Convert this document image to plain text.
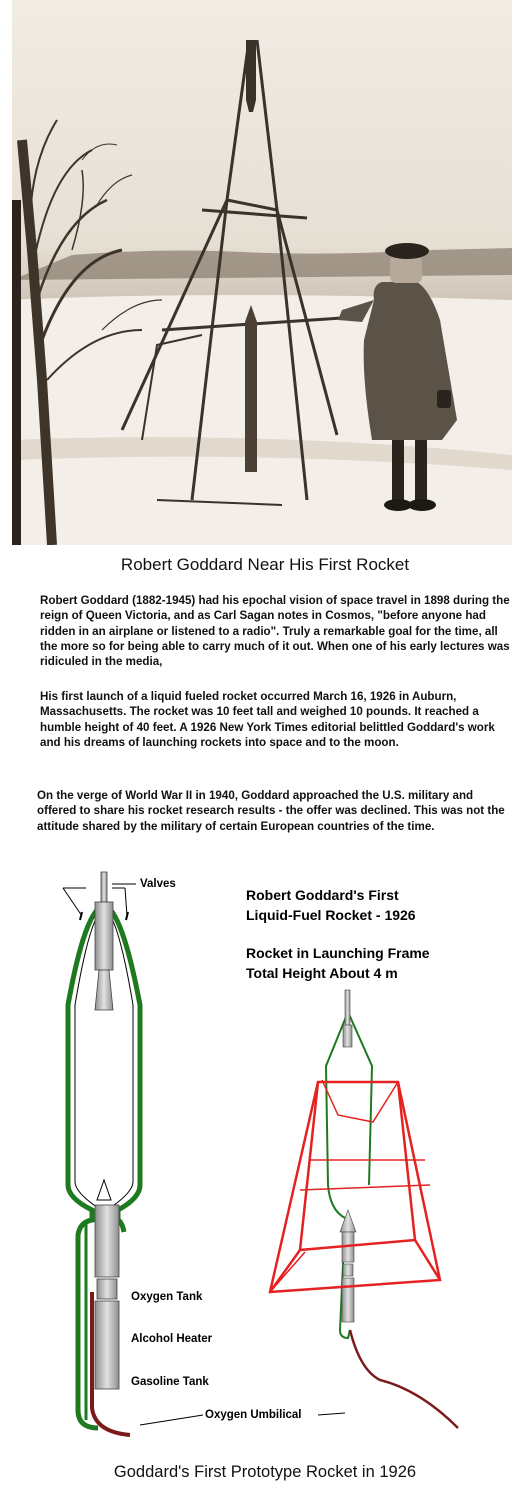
Robert Goddard Near His First Rocket
Robert Goddard (1882-1945) had his epochal vision of space travel in 1898 during the reign of Queen Victoria, and as Carl Sagan notes in Cosmos, "before anyone had ridden in an airplane or listened to a radio". Truly a remarkable goal for the time, all the more so for being able to carry much of it out. When one of his early lectures was ridiculed in the media,
His first launch of a liquid fueled rocket occurred March 16, 1926 in Auburn, Massachusetts. The rocket was 10 feet tall and weighed 10 pounds. It reached a humble height of 40 feet. A 1926 New York Times editorial belittled Goddard's work and his dreams of launching rockets into space and to the moon.
On the verge of World War II in 1940, Goddard approached the U.S. military and offered to share his rocket research results - the offer was declined. This was not the attitude shared by the military of certain European countries of the time.
Valves
Oxygen Tank
Alcohol Heater
Gasoline Tank
Oxygen Umbilical
Robert Goddard's First
Liquid-Fuel Rocket - 1926
Rocket in Launching Frame
Total Height About 4 m
Goddard's First Prototype Rocket in 1926
